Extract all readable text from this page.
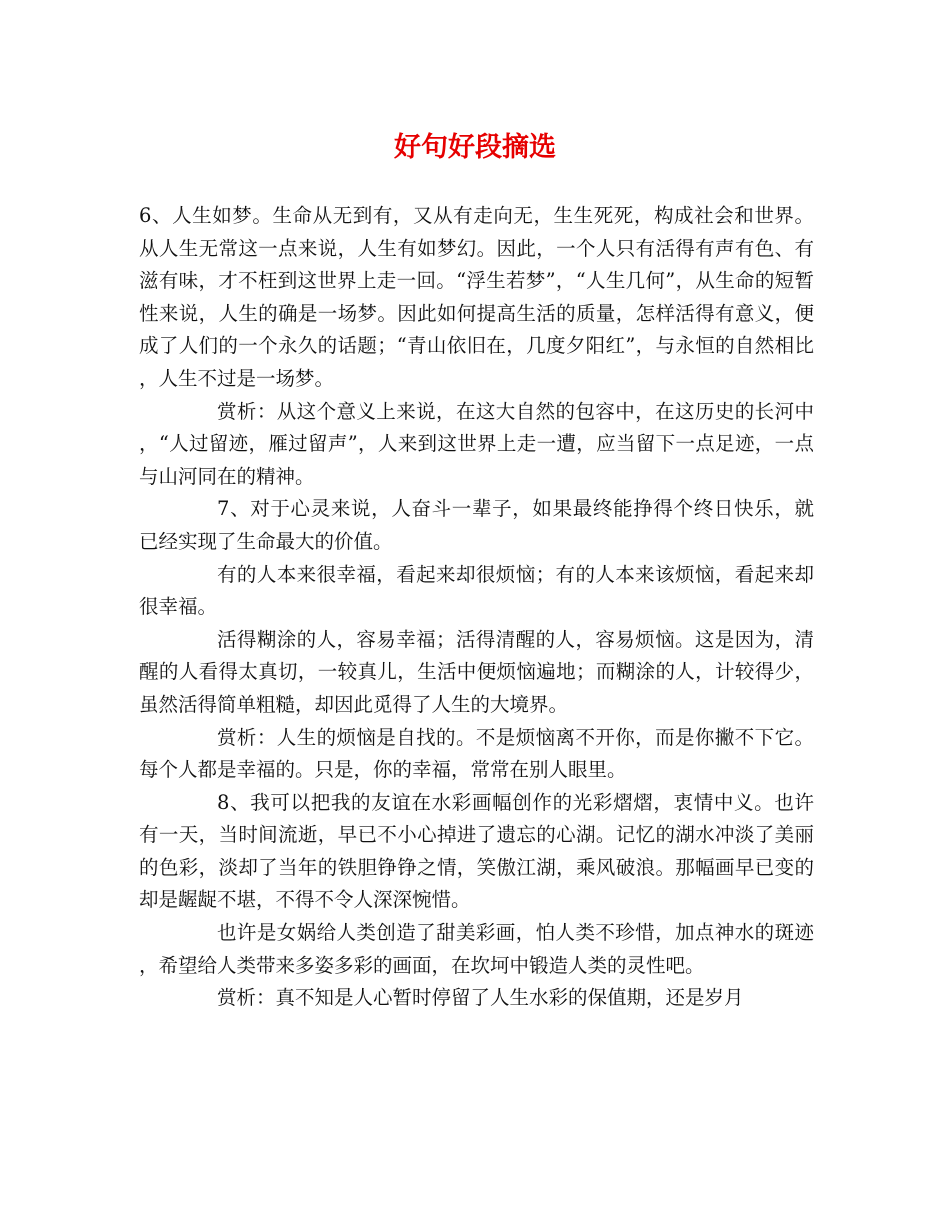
好句好段摘选

6、人生如梦。生命从无到有，又从有走向无，生生死死，构成社会和世界。从人生无常这一点来说，人生有如梦幻。因此，一个人只有活得有声有色、有滋有味，才不枉到这世界上走一回。“浮生若梦”，“人生几何”，从生命的短暂性来说，人生的确是一场梦。因此如何提高生活的质量，怎样活得有意义，便成了人们的一个永久的话题；“青山依旧在，几度夕阳红”，与永恒的自然相比，人生不过是一场梦。

赏析：从这个意义上来说，在这大自然的包容中，在这历史的长河中，“人过留迹，雁过留声”，人来到这世界上走一遭，应当留下一点足迹，一点与山河同在的精神。

7、对于心灵来说，人奋斗一辈子，如果最终能挣得个终日快乐，就已经实现了生命最大的价值。

有的人本来很幸福，看起来却很烦恼；有的人本来该烦恼，看起来却很幸福。

活得糊涂的人，容易幸福；活得清醒的人，容易烦恼。这是因为，清醒的人看得太真切，一较真儿，生活中便烦恼遍地；而糊涂的人，计较得少，虽然活得简单粗糙，却因此觅得了人生的大境界。

赏析：人生的烦恼是自找的。不是烦恼离不开你，而是你撇不下它。每个人都是幸福的。只是，你的幸福，常常在别人眼里。

8、我可以把我的友谊在水彩画幅创作的光彩熠熠，衷情中义。也许有一天，当时间流逝，早已不小心掉进了遗忘的心湖。记忆的湖水冲淡了美丽的色彩，淡却了当年的铁胆铮铮之情，笑傲江湖，乘风破浪。那幅画早已变的却是龌龊不堪，不得不令人深深惋惜。

也许是女娲给人类创造了甜美彩画，怕人类不珍惜，加点神水的斑迹，希望给人类带来多姿多彩的画面，在坎坷中锻造人类的灵性吧。

赏析：真不知是人心暂时停留了人生水彩的保值期，还是岁月
